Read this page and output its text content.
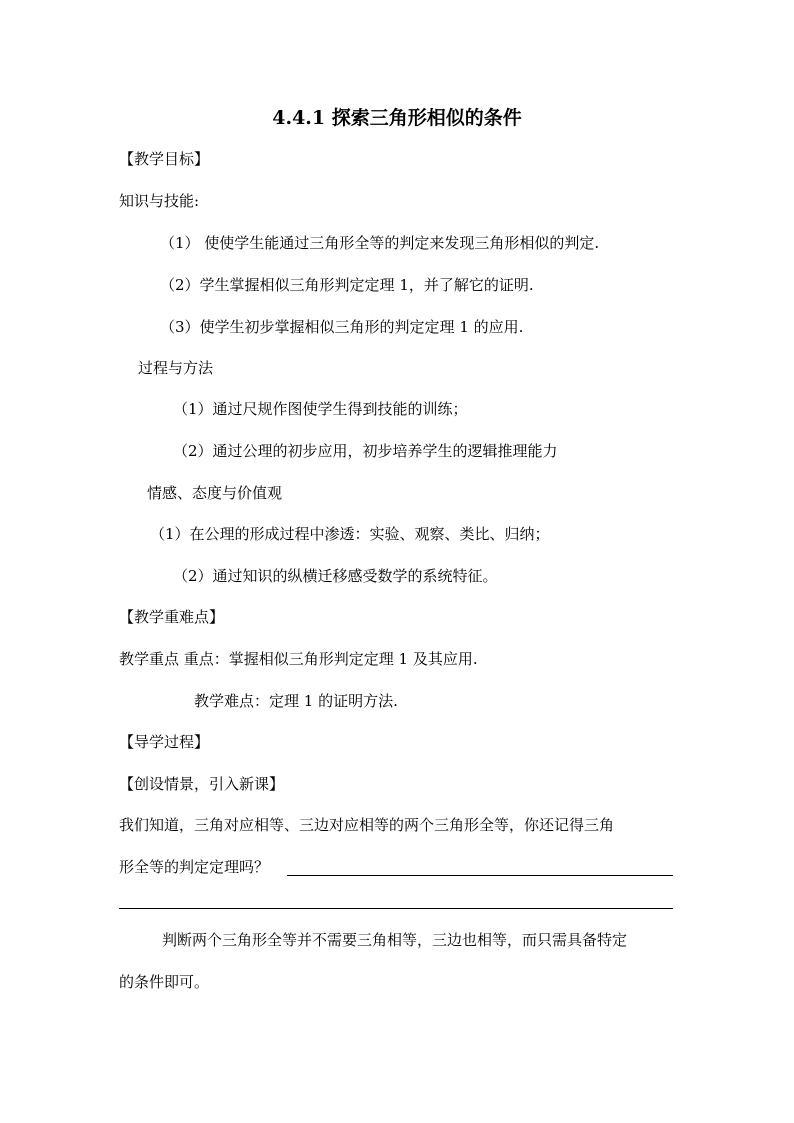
4.4.1 探索三角形相似的条件
【教学目标】
知识与技能:
（1） 使使学生能通过三角形全等的判定来发现三角形相似的判定.
（2）学生掌握相似三角形判定定理 1，并了解它的证明.
（3）使学生初步掌握相似三角形的判定定理 1 的应用.
过程与方法
（1）通过尺规作图使学生得到技能的训练；
（2）通过公理的初步应用，初步培养学生的逻辑推理能力
情感、态度与价值观
（1）在公理的形成过程中渗透：实验、观察、类比、归纳；
（2）通过知识的纵横迁移感受数学的系统特征。
【教学重难点】
教学重点 重点：掌握相似三角形判定定理 1 及其应用.
教学难点：定理 1 的证明方法.
【导学过程】
【创设情景，引入新课】
我们知道，三角对应相等、三边对应相等的两个三角形全等，你还记得三角
形全等的判定定理吗？
判断两个三角形全等并不需要三角相等，三边也相等，而只需具备特定
的条件即可。
